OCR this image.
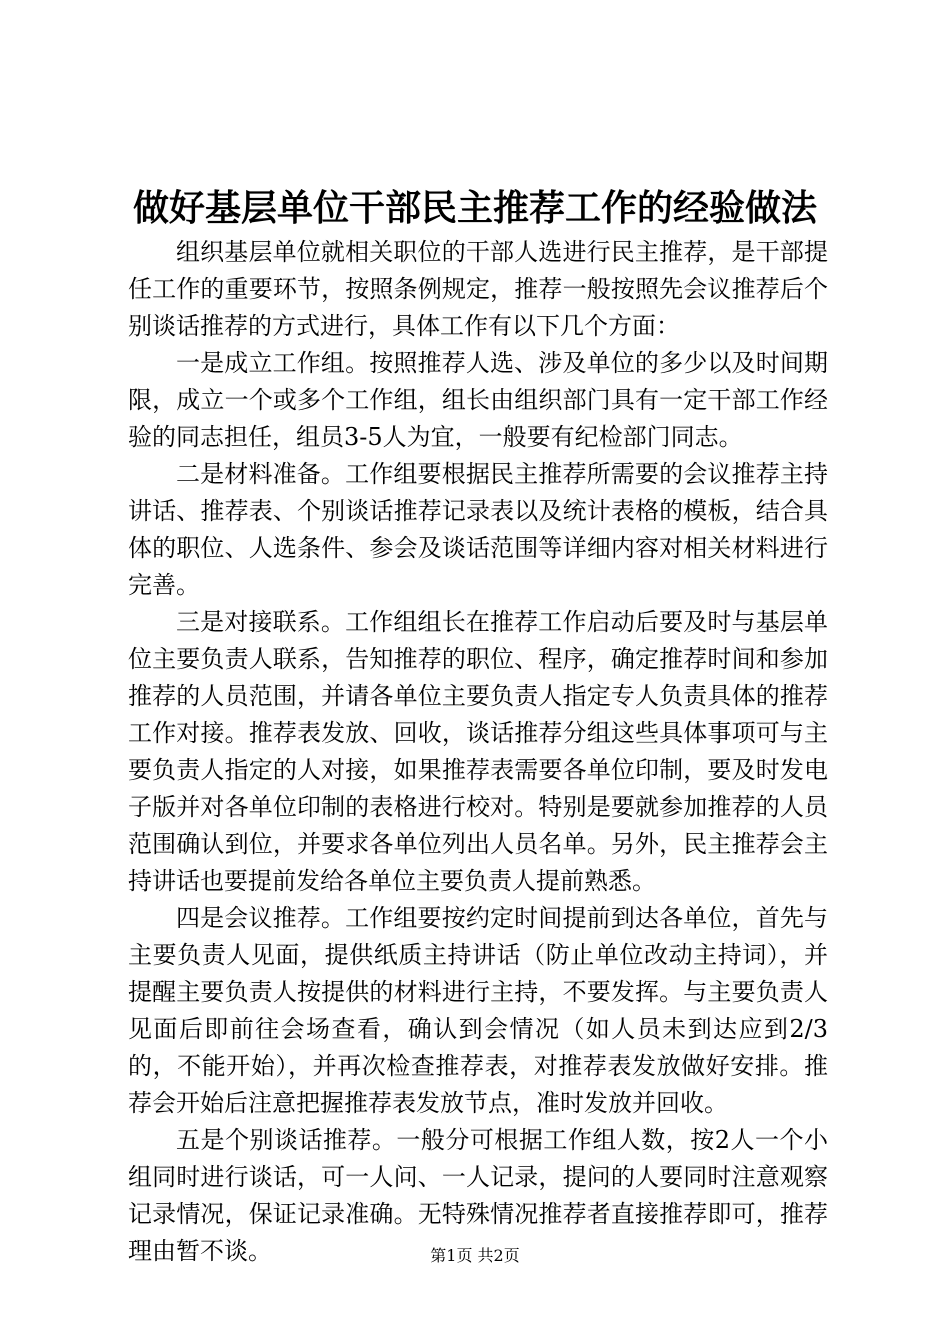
做好基层单位干部民主推荐工作的经验做法

组织基层单位就相关职位的干部人选进行民主推荐，是干部提任工作的重要环节，按照条例规定，推荐一般按照先会议推荐后个别谈话推荐的方式进行，具体工作有以下几个方面：

一是成立工作组。按照推荐人选、涉及单位的多少以及时间期限，成立一个或多个工作组，组长由组织部门具有一定干部工作经验的同志担任，组员3-5人为宜，一般要有纪检部门同志。

二是材料准备。工作组要根据民主推荐所需要的会议推荐主持讲话、推荐表、个别谈话推荐记录表以及统计表格的模板，结合具体的职位、人选条件、参会及谈话范围等详细内容对相关材料进行完善。

三是对接联系。工作组组长在推荐工作启动后要及时与基层单位主要负责人联系，告知推荐的职位、程序，确定推荐时间和参加推荐的人员范围，并请各单位主要负责人指定专人负责具体的推荐工作对接。推荐表发放、回收，谈话推荐分组这些具体事项可与主要负责人指定的人对接，如果推荐表需要各单位印制，要及时发电子版并对各单位印制的表格进行校对。特别是要就参加推荐的人员范围确认到位，并要求各单位列出人员名单。另外，民主推荐会主持讲话也要提前发给各单位主要负责人提前熟悉。

四是会议推荐。工作组要按约定时间提前到达各单位，首先与主要负责人见面，提供纸质主持讲话（防止单位改动主持词），并提醒主要负责人按提供的材料进行主持，不要发挥。与主要负责人见面后即前往会场查看，确认到会情况（如人员未到达应到2/3的，不能开始），并再次检查推荐表，对推荐表发放做好安排。推荐会开始后注意把握推荐表发放节点，准时发放并回收。

五是个别谈话推荐。一般分可根据工作组人数，按2人一个小组同时进行谈话，可一人问、一人记录，提问的人要同时注意观察记录情况，保证记录准确。无特殊情况推荐者直接推荐即可，推荐理由暂不谈。	第1页 共2页
